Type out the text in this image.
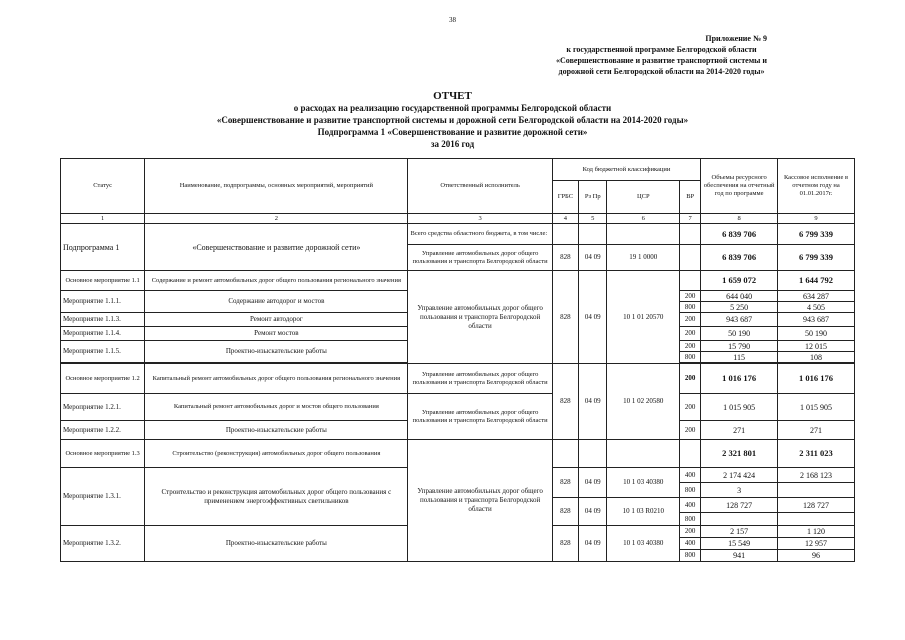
38
Приложение № 9
к государственной программе Белгородской области
«Совершенствование и развитие транспортной системы и
дорожной сети Белгородской области на 2014-2020 годы»
ОТЧЕТ
о расходах на реализацию государственной программы Белгородской области
«Совершенствование и развитие транспортной системы и дорожной сети Белгородской области на 2014-2020 годы»
Подпрограмма 1 «Совершенствование и развитие дорожной сети»
за 2016 год
Статус	Наименование, подпрограммы, основных мероприятий, мероприятий	Ответственный исполнитель	Код бюджетной классификации				Объемы ресурсного обеспечения на отчетный год по программе	Кассовое исполнение в отчетном году на 01.01.2017г.
			ГРБС	Рз Пр	ЦСР	ВР		
1	2	3	4	5	6	7	8	9
Подпрограмма 1	«Совершенствование и развитие дорожной сети»	Всего средства областного бюджета, в том числе:					6 839 706	6 799 339
		Управление автомобильных дорог общего пользования и транспорта Белгородской области	828	04 09	19 1 0000		6 839 706	6 799 339
Основное мероприятие 1.1	Содержание и ремонт автомобильных дорог общего пользования регионального значения	Управление автомобильных дорог общего пользования и транспорта Белгородской области	828	04 09	10 1 01 20570		1 659 072	1 644 792
Мероприятие 1.1.1.	Содержание автодорог и мостов					200	644 040	634 287
						800	5 250	4 505
Мероприятие 1.1.3.	Ремонт автодорог					200	943 687	943 687
Мероприятие 1.1.4.	Ремонт мостов					200	50 190	50 190
Мероприятие 1.1.5.	Проектно-изыскательские работы					200	15 790	12 015
						800	115	108

Основное мероприятие 1.2	Капитальный ремонт автомобильных дорог общего пользования регионального значения	Управление автомобильных дорог общего пользования и транспорта Белгородской области	828	04 09	10 1 02 20580	200	1 016 176	1 016 176
Мероприятие 1.2.1.	Капитальный ремонт автомобильных дорог и мостов общего пользования	Управление автомобильных дорог общего пользования и транспорта Белгородской области				200	1 015 905	1 015 905
Мероприятие 1.2.2.	Проектно-изыскательские работы					200	271	271
Основное мероприятие 1.3	Строительство (реконструкция) автомобильных дорог общего пользования	Управление автомобильных дорог общего пользования и транспорта Белгородской области					2 321 801	2 311 023
Мероприятие 1.3.1.	Строительство и реконструкция автомобильных дорог общего пользования с применением энергоэффективных светильников		828	04 09	10 1 03 40380	400	2 174 424	2 168 123
						800	3	
			828	04 09	10 1 03 R0210	400	128 727	128 727
						800		
Мероприятие 1.3.2.	Проектно-изыскательские работы		828	04 09	10 1 03 40380	200	2 157	1 120
						400	15 549	12 957
						800	941	96
